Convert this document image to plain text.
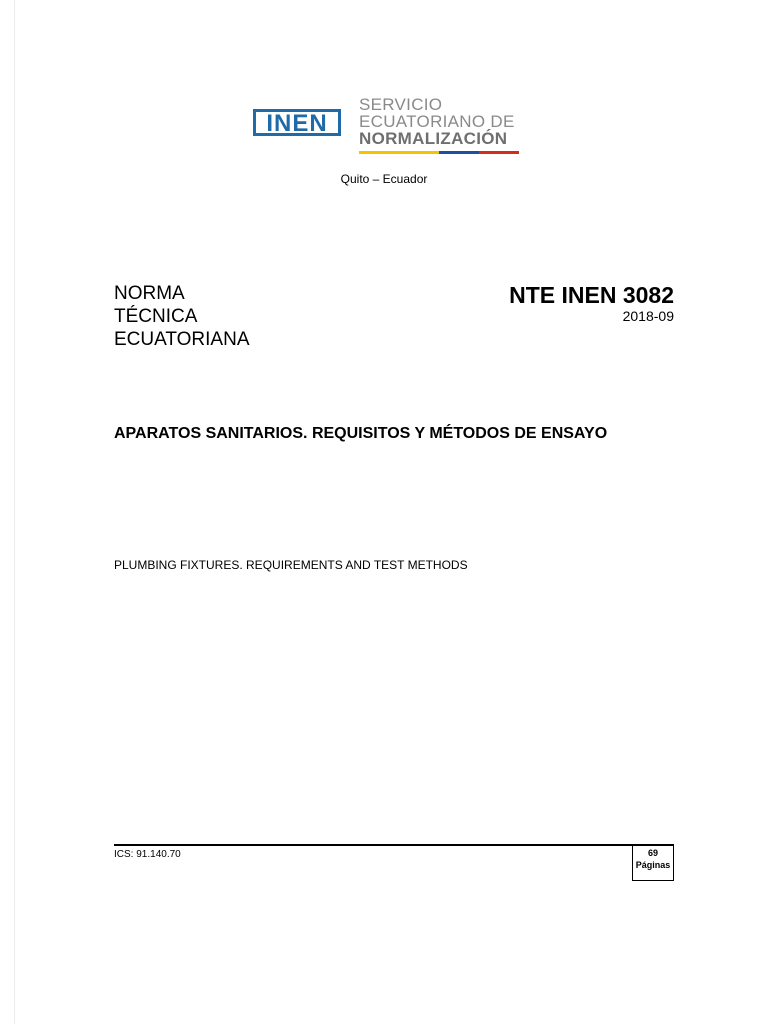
INEN
SERVICIO
ECUATORIANO DE
NORMALIZACIÓN
Quito – Ecuador
NORMA
TÉCNICA
ECUATORIANA
NTE INEN 3082
2018-09
APARATOS SANITARIOS. REQUISITOS Y MÉTODOS DE ENSAYO
PLUMBING FIXTURES. REQUIREMENTS AND TEST METHODS
ICS: 91.140.70	69
Páginas
